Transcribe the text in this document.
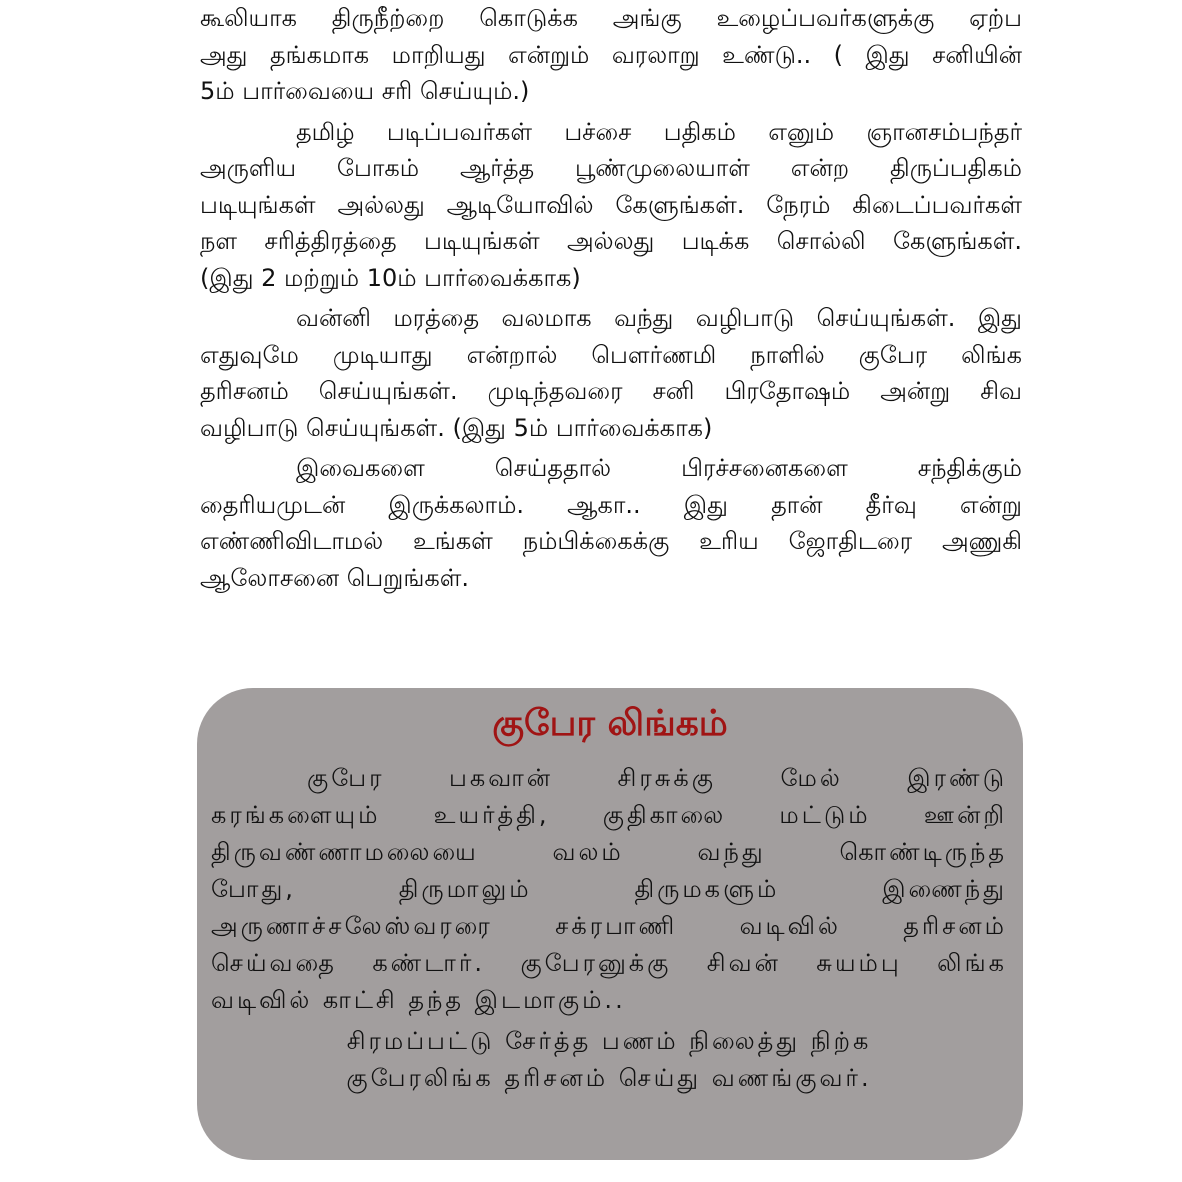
கூலியாக திருநீற்றை கொடுக்க அங்கு உழைப்பவர்களுக்கு ஏற்ப
அது தங்கமாக மாறியது என்றும் வரலாறு உண்டு.. ( இது சனியின்
5ம் பார்வையை சரி செய்யும்.)

தமிழ் படிப்பவர்கள் பச்சை பதிகம் எனும் ஞானசம்பந்தர்
அருளிய போகம் ஆர்த்த பூண்முலையாள் என்ற திருப்பதிகம்
படியுங்கள் அல்லது ஆடியோவில் கேளுங்கள். நேரம் கிடைப்பவர்கள்
நள சரித்திரத்தை படியுங்கள் அல்லது படிக்க சொல்லி கேளுங்கள்.
(இது 2 மற்றும் 10ம் பார்வைக்காக)

வன்னி மரத்தை வலமாக வந்து வழிபாடு செய்யுங்கள். இது
எதுவுமே முடியாது என்றால் பௌர்ணமி நாளில் குபேர லிங்க
தரிசனம் செய்யுங்கள். முடிந்தவரை சனி பிரதோஷம் அன்று சிவ
வழிபாடு செய்யுங்கள். (இது 5ம் பார்வைக்காக)

இவைகளை செய்ததால் பிரச்சனைகளை சந்திக்கும்
தைரியமுடன் இருக்கலாம். ஆகா.. இது தான் தீர்வு என்று
எண்ணிவிடாமல் உங்கள் நம்பிக்கைக்கு உரிய ஜோதிடரை அணுகி
ஆலோசனை பெறுங்கள்.

குபேர லிங்கம்
குபேர பகவான் சிரசுக்கு மேல் இரண்டு
கரங்களையும் உயர்த்தி, குதிகாலை மட்டும் ஊன்றி
திருவண்ணாமலையை வலம் வந்து கொண்டிருந்த
போது, திருமாலும் திருமகளும் இணைந்து
அருணாச்சலேஸ்வரரை சக்ரபாணி வடிவில் தரிசனம்
செய்வதை கண்டார். குபேரனுக்கு சிவன் சுயம்பு லிங்க
வடிவில் காட்சி தந்த இடமாகும்..
சிரமப்பட்டு சேர்த்த பணம் நிலைத்து நிற்க
குபேரலிங்க தரிசனம் செய்து வணங்குவர்.
